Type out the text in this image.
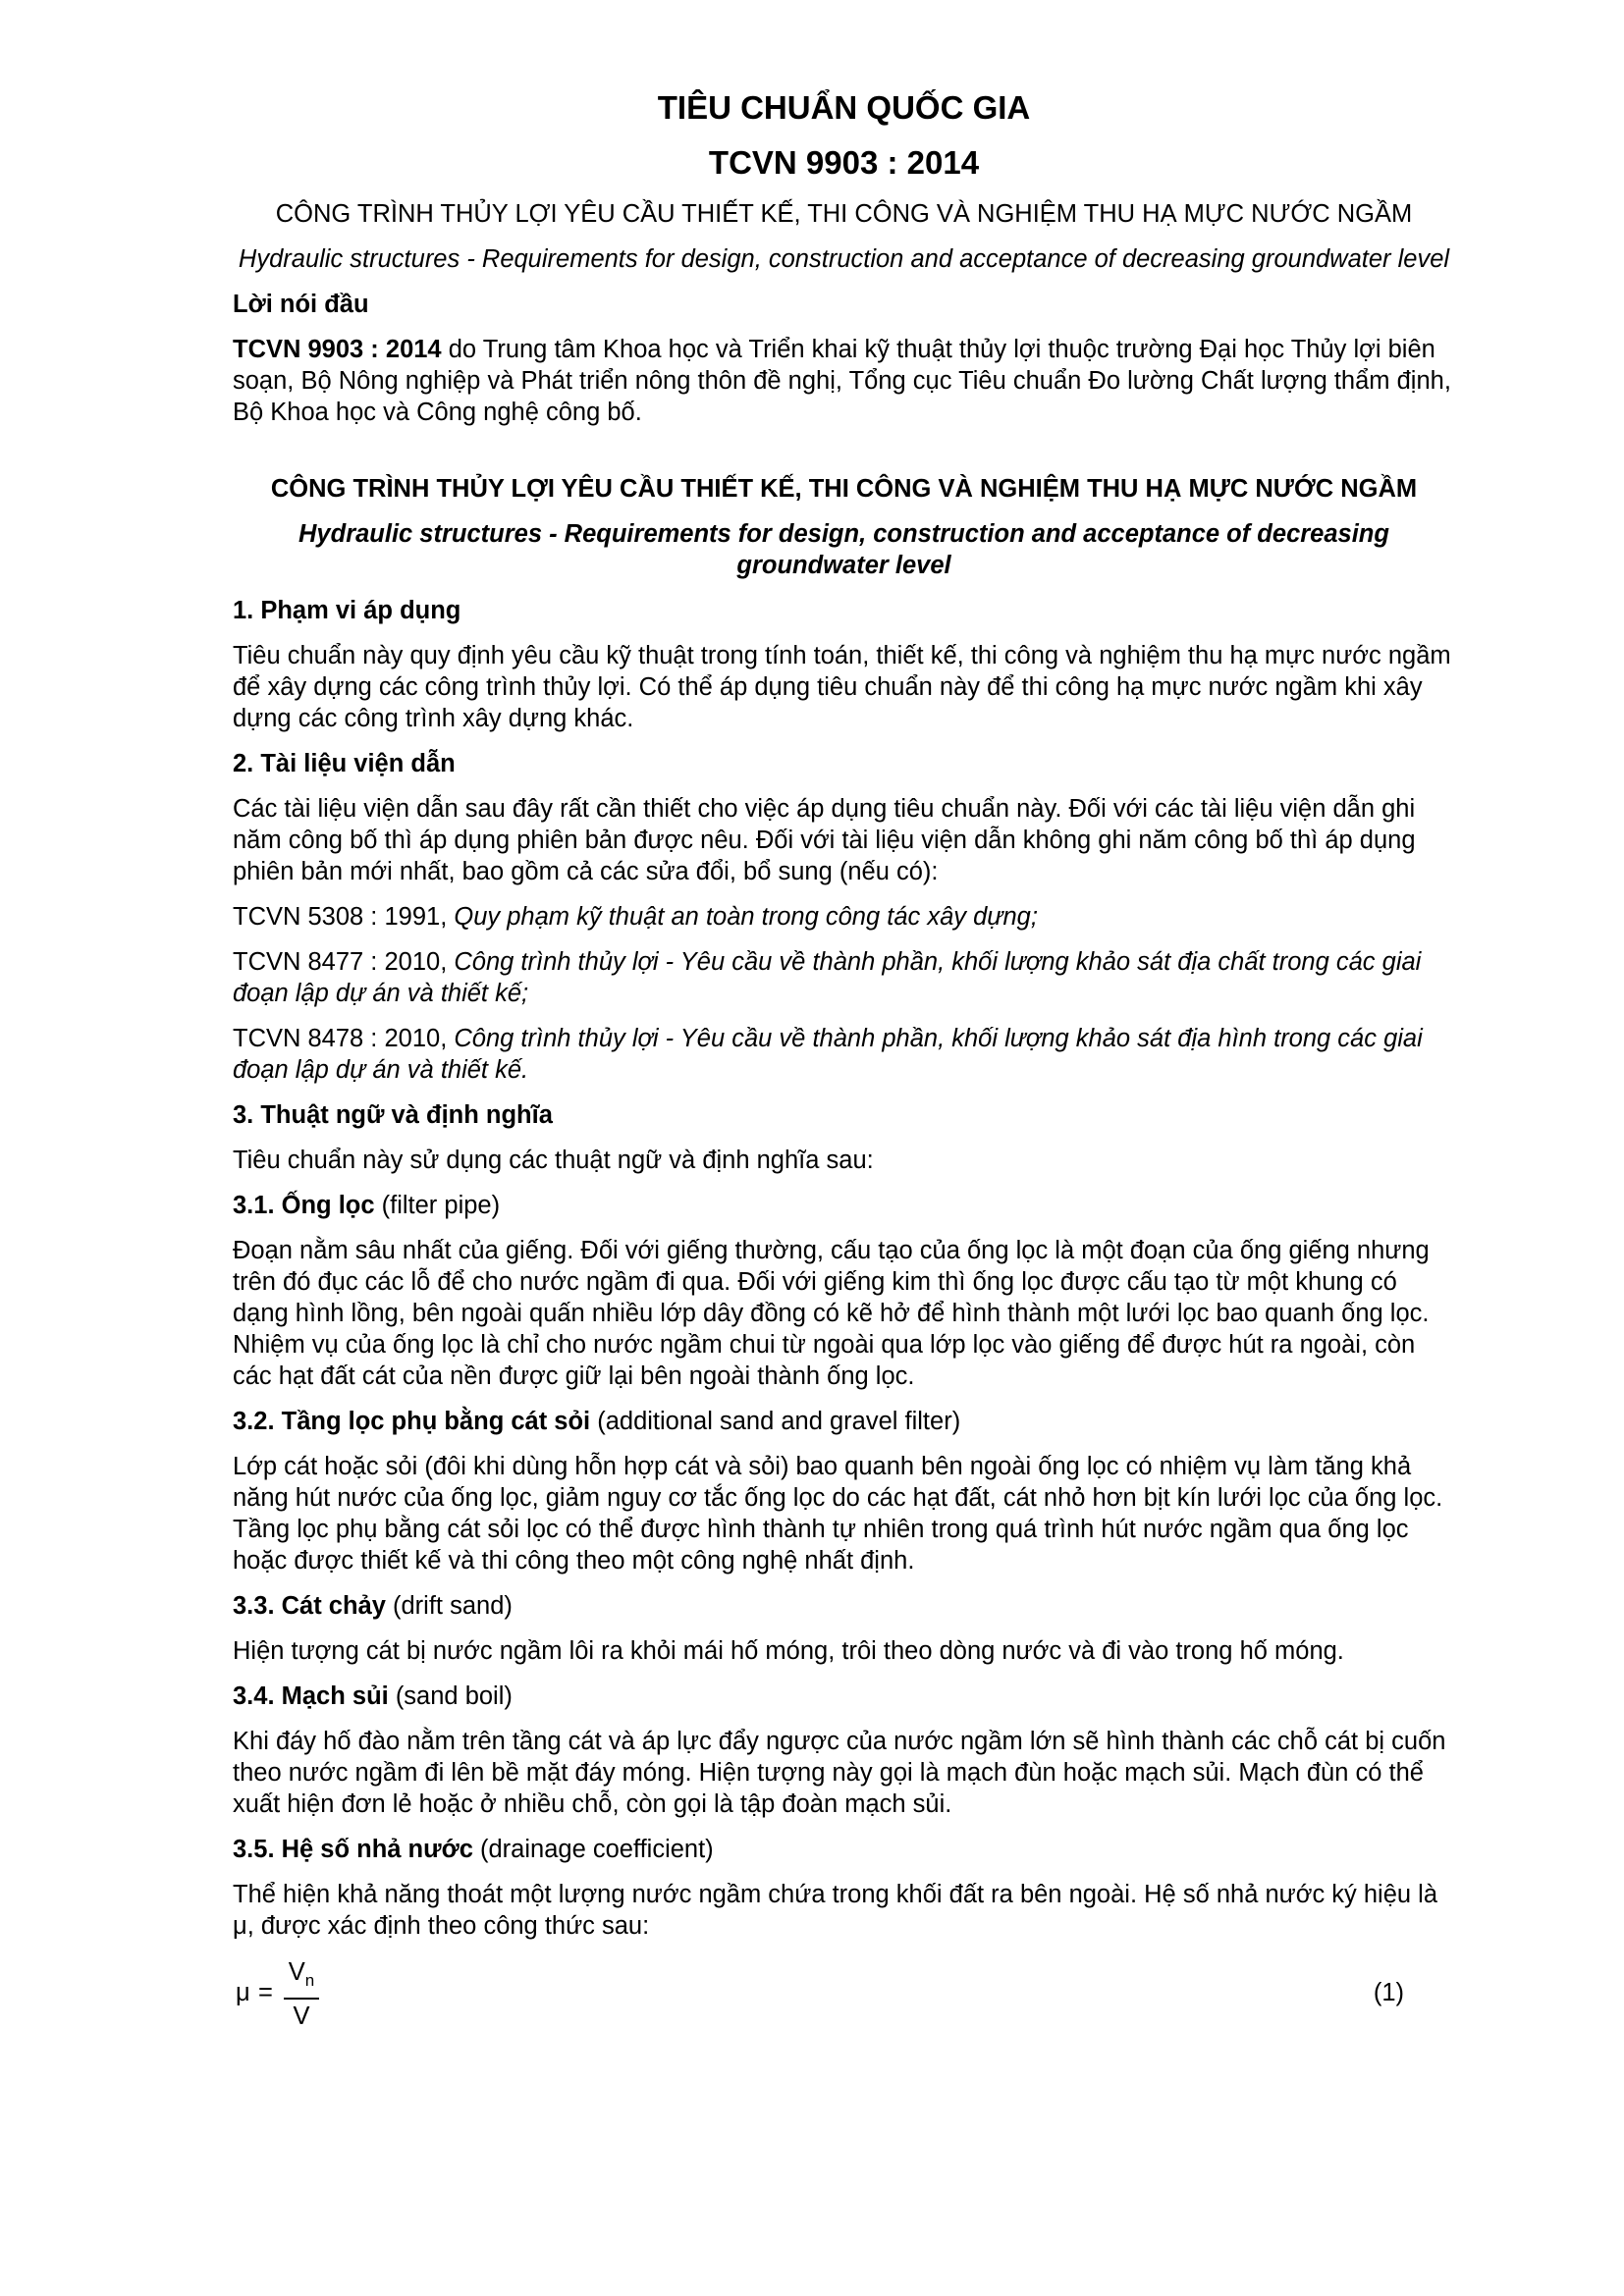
TIÊU CHUẨN QUỐC GIA

TCVN 9903 : 2014

CÔNG TRÌNH THỦY LỢI YÊU CẦU THIẾT KẾ, THI CÔNG VÀ NGHIỆM THU HẠ MỰC NƯỚC NGẦM

Hydraulic structures - Requirements for design, construction and acceptance of decreasing groundwater level

Lời nói đầu

TCVN 9903 : 2014 do Trung tâm Khoa học và Triển khai kỹ thuật thủy lợi thuộc trường Đại học Thủy lợi biên soạn, Bộ Nông nghiệp và Phát triển nông thôn đề nghị, Tổng cục Tiêu chuẩn Đo lường Chất lượng thẩm định, Bộ Khoa học và Công nghệ công bố.

CÔNG TRÌNH THỦY LỢI YÊU CẦU THIẾT KẾ, THI CÔNG VÀ NGHIỆM THU HẠ MỰC NƯỚC NGẦM

Hydraulic structures - Requirements for design, construction and acceptance of decreasing groundwater level

1. Phạm vi áp dụng

Tiêu chuẩn này quy định yêu cầu kỹ thuật trong tính toán, thiết kế, thi công và nghiệm thu hạ mực nước ngầm để xây dựng các công trình thủy lợi. Có thể áp dụng tiêu chuẩn này để thi công hạ mực nước ngầm khi xây dựng các công trình xây dựng khác.

2. Tài liệu viện dẫn

Các tài liệu viện dẫn sau đây rất cần thiết cho việc áp dụng tiêu chuẩn này. Đối với các tài liệu viện dẫn ghi năm công bố thì áp dụng phiên bản được nêu. Đối với tài liệu viện dẫn không ghi năm công bố thì áp dụng phiên bản mới nhất, bao gồm cả các sửa đổi, bổ sung (nếu có):

TCVN 5308 : 1991, Quy phạm kỹ thuật an toàn trong công tác xây dựng;

TCVN 8477 : 2010, Công trình thủy lợi - Yêu cầu về thành phần, khối lượng khảo sát địa chất trong các giai đoạn lập dự án và thiết kế;

TCVN 8478 : 2010, Công trình thủy lợi - Yêu cầu về thành phần, khối lượng khảo sát địa hình trong các giai đoạn lập dự án và thiết kế.

3. Thuật ngữ và định nghĩa

Tiêu chuẩn này sử dụng các thuật ngữ và định nghĩa sau:

3.1. Ống lọc (filter pipe)

Đoạn nằm sâu nhất của giếng. Đối với giếng thường, cấu tạo của ống lọc là một đoạn của ống giếng nhưng trên đó đục các lỗ để cho nước ngầm đi qua. Đối với giếng kim thì ống lọc được cấu tạo từ một khung có dạng hình lồng, bên ngoài quấn nhiều lớp dây đồng có kẽ hở để hình thành một lưới lọc bao quanh ống lọc. Nhiệm vụ của ống lọc là chỉ cho nước ngầm chui từ ngoài qua lớp lọc vào giếng để được hút ra ngoài, còn các hạt đất cát của nền được giữ lại bên ngoài thành ống lọc.

3.2. Tầng lọc phụ bằng cát sỏi (additional sand and gravel filter)

Lớp cát hoặc sỏi (đôi khi dùng hỗn hợp cát và sỏi) bao quanh bên ngoài ống lọc có nhiệm vụ làm tăng khả năng hút nước của ống lọc, giảm nguy cơ tắc ống lọc do các hạt đất, cát nhỏ hơn bịt kín lưới lọc của ống lọc. Tầng lọc phụ bằng cát sỏi lọc có thể được hình thành tự nhiên trong quá trình hút nước ngầm qua ống lọc hoặc được thiết kế và thi công theo một công nghệ nhất định.

3.3. Cát chảy (drift sand)

Hiện tượng cát bị nước ngầm lôi ra khỏi mái hố móng, trôi theo dòng nước và đi vào trong hố móng.

3.4. Mạch sủi (sand boil)

Khi đáy hố đào nằm trên tầng cát và áp lực đẩy ngược của nước ngầm lớn sẽ hình thành các chỗ cát bị cuốn theo nước ngầm đi lên bề mặt đáy móng. Hiện tượng này gọi là mạch đùn hoặc mạch sủi. Mạch đùn có thể xuất hiện đơn lẻ hoặc ở nhiều chỗ, còn gọi là tập đoàn mạch sủi.

3.5. Hệ số nhả nước (drainage coefficient)

Thể hiện khả năng thoát một lượng nước ngầm chứa trong khối đất ra bên ngoài. Hệ số nhả nước ký hiệu là μ, được xác định theo công thức sau:

$\mu = \frac{V_n}{V}$	(1)
